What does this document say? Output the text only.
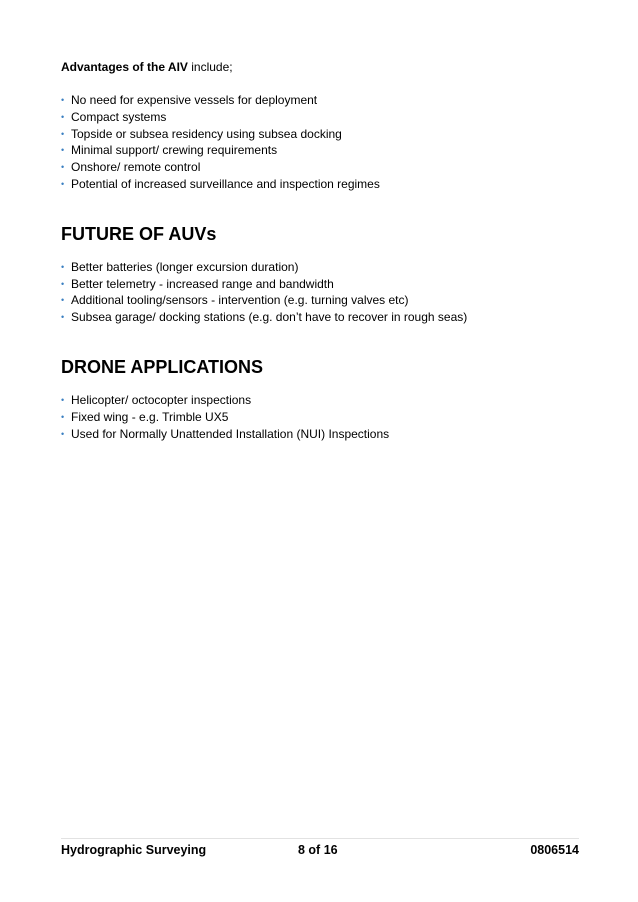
Advantages of the AIV include;

• No need for expensive vessels for deployment
• Compact systems
• Topside or subsea residency using subsea docking
• Minimal support/ crewing requirements
• Onshore/ remote control
• Potential of increased surveillance and inspection regimes
FUTURE OF AUVs
• Better batteries (longer excursion duration)
• Better telemetry - increased range and bandwidth
• Additional tooling/sensors - intervention (e.g. turning valves etc)
• Subsea garage/ docking stations (e.g. don’t have to recover in rough seas)
DRONE APPLICATIONS
• Helicopter/ octocopter inspections
• Fixed wing - e.g. Trimble UX5
• Used for Normally Unattended Installation (NUI) Inspections
Hydrographic Surveying	8 of 16	0806514
